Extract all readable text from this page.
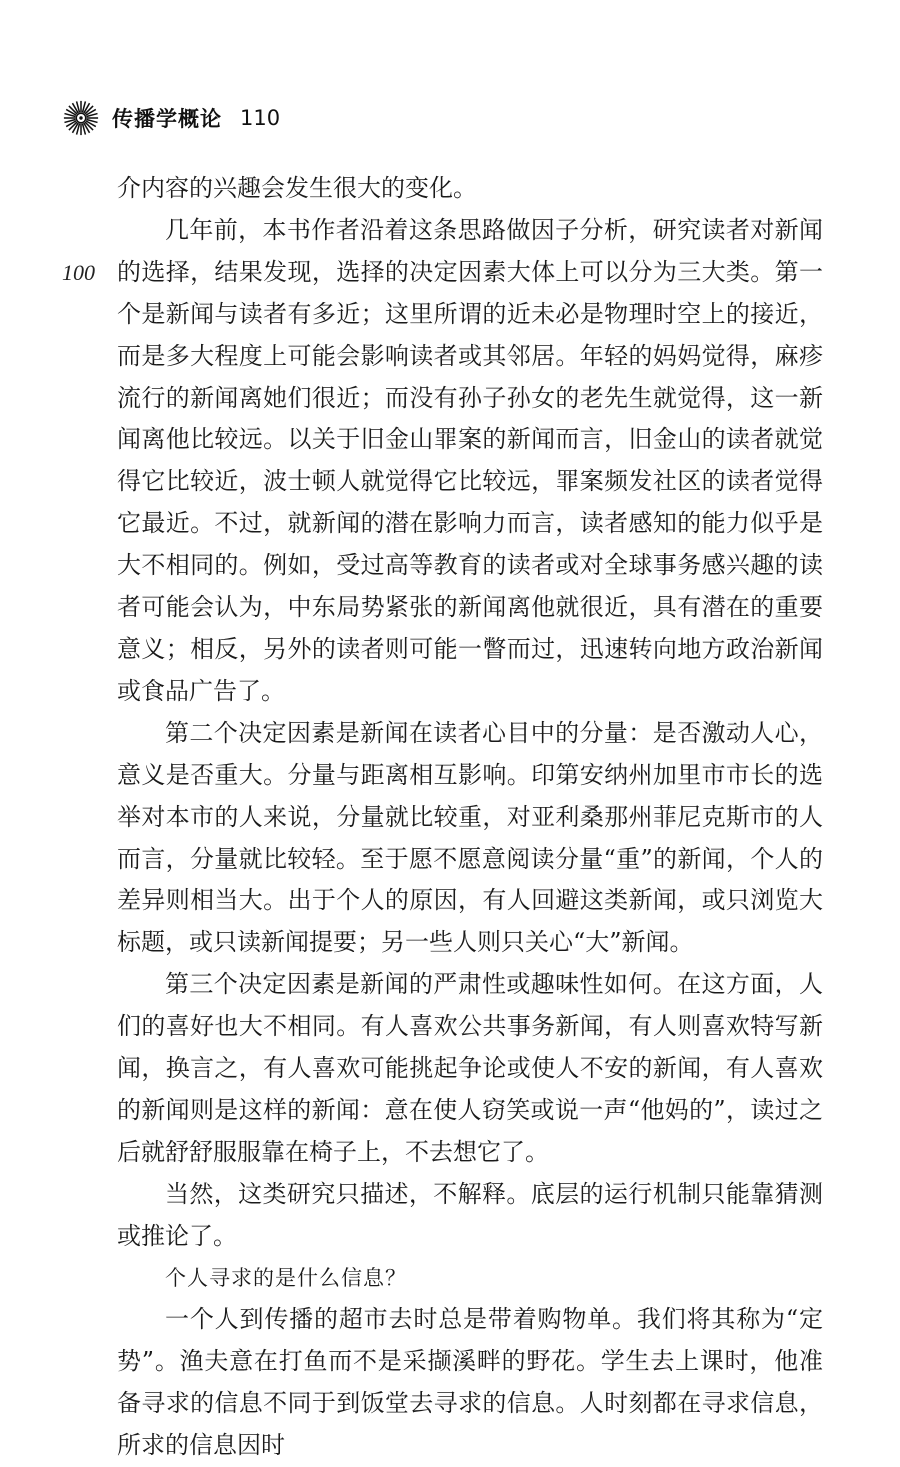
传播学概论 110
100

介内容的兴趣会发生很大的变化。

几年前，本书作者沿着这条思路做因子分析，研究读者对新闻的选择，结果发现，选择的决定因素大体上可以分为三大类。第一个是新闻与读者有多近；这里所谓的近未必是物理时空上的接近，而是多大程度上可能会影响读者或其邻居。年轻的妈妈觉得，麻疹流行的新闻离她们很近；而没有孙子孙女的老先生就觉得，这一新闻离他比较远。以关于旧金山罪案的新闻而言，旧金山的读者就觉得它比较近，波士顿人就觉得它比较远，罪案频发社区的读者觉得它最近。不过，就新闻的潜在影响力而言，读者感知的能力似乎是大不相同的。例如，受过高等教育的读者或对全球事务感兴趣的读者可能会认为，中东局势紧张的新闻离他就很近，具有潜在的重要意义；相反，另外的读者则可能一瞥而过，迅速转向地方政治新闻或食品广告了。

第二个决定因素是新闻在读者心目中的分量：是否激动人心，意义是否重大。分量与距离相互影响。印第安纳州加里市市长的选举对本市的人来说，分量就比较重，对亚利桑那州菲尼克斯市的人而言，分量就比较轻。至于愿不愿意阅读分量“重”的新闻，个人的差异则相当大。出于个人的原因，有人回避这类新闻，或只浏览大标题，或只读新闻提要；另一些人则只关心“大”新闻。

第三个决定因素是新闻的严肃性或趣味性如何。在这方面，人们的喜好也大不相同。有人喜欢公共事务新闻，有人则喜欢特写新闻，换言之，有人喜欢可能挑起争论或使人不安的新闻，有人喜欢的新闻则是这样的新闻：意在使人窃笑或说一声“他妈的”，读过之后就舒舒服服靠在椅子上，不去想它了。

当然，这类研究只描述，不解释。底层的运行机制只能靠猜测或推论了。

个人寻求的是什么信息？

一个人到传播的超市去时总是带着购物单。我们将其称为“定势”。渔夫意在打鱼而不是采撷溪畔的野花。学生去上课时，他准备寻求的信息不同于到饭堂去寻求的信息。人时刻都在寻求信息，所求的信息因时
